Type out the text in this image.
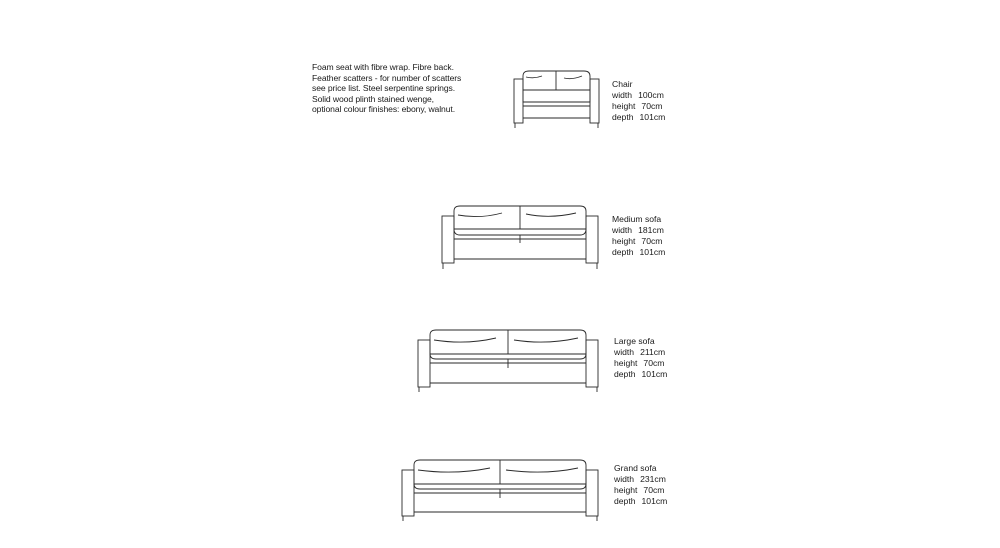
Foam seat with fibre wrap. Fibre back. Feather scatters - for number of scatters see price list. Steel serpentine springs. Solid wood plinth stained wenge, optional colour finishes: ebony, walnut.
Chair
width 100cm
height 70cm
depth 101cm
Medium sofa
width 181cm
height 70cm
depth 101cm
Large sofa
width 211cm
height 70cm
depth 101cm
Grand sofa
width 231cm
height 70cm
depth 101cm
